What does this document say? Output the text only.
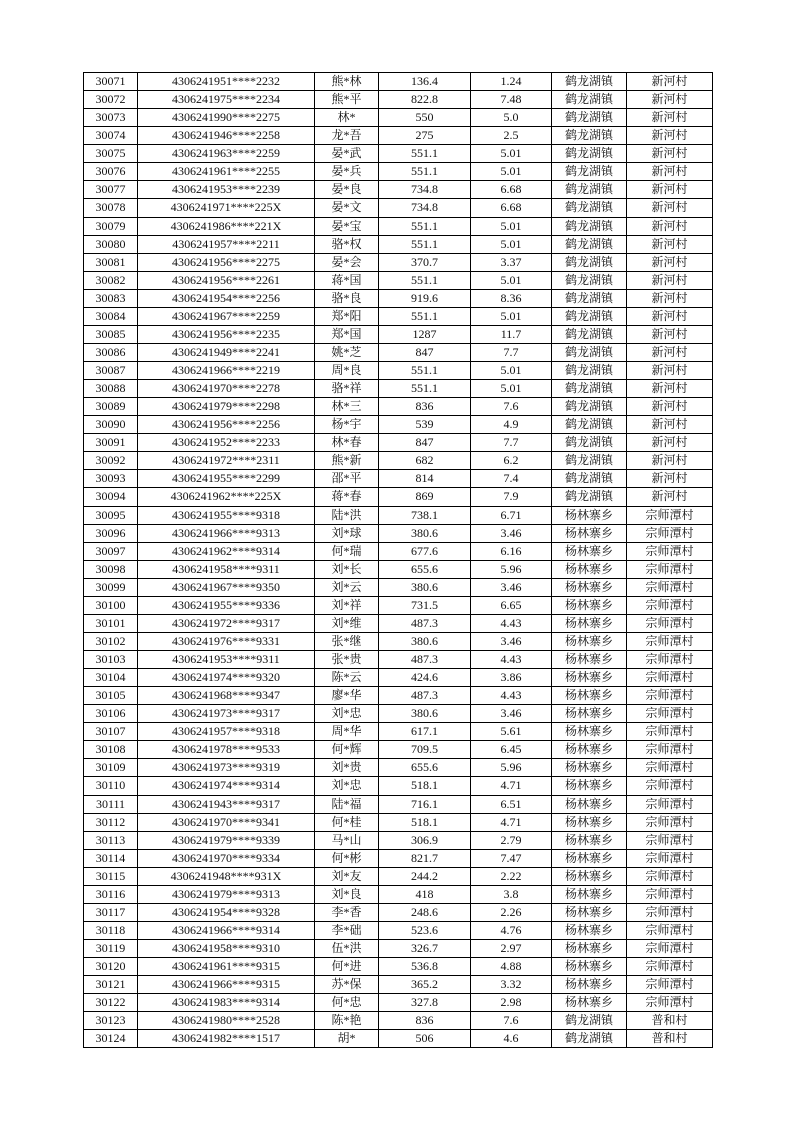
30071	4306241951****2232	熊*林	136.4	1.24	鹤龙湖镇	新河村
30072	4306241975****2234	熊*平	822.8	7.48	鹤龙湖镇	新河村
30073	4306241990****2275	林*	550	5.0	鹤龙湖镇	新河村
30074	4306241946****2258	龙*吾	275	2.5	鹤龙湖镇	新河村
30075	4306241963****2259	晏*武	551.1	5.01	鹤龙湖镇	新河村
30076	4306241961****2255	晏*兵	551.1	5.01	鹤龙湖镇	新河村
30077	4306241953****2239	晏*良	734.8	6.68	鹤龙湖镇	新河村
30078	4306241971****225X	晏*文	734.8	6.68	鹤龙湖镇	新河村
30079	4306241986****221X	晏*宝	551.1	5.01	鹤龙湖镇	新河村
30080	4306241957****2211	骆*权	551.1	5.01	鹤龙湖镇	新河村
30081	4306241956****2275	晏*会	370.7	3.37	鹤龙湖镇	新河村
30082	4306241956****2261	蒋*国	551.1	5.01	鹤龙湖镇	新河村
30083	4306241954****2256	骆*良	919.6	8.36	鹤龙湖镇	新河村
30084	4306241967****2259	郑*阳	551.1	5.01	鹤龙湖镇	新河村
30085	4306241956****2235	郑*国	1287	11.7	鹤龙湖镇	新河村
30086	4306241949****2241	姚*芝	847	7.7	鹤龙湖镇	新河村
30087	4306241966****2219	周*良	551.1	5.01	鹤龙湖镇	新河村
30088	4306241970****2278	骆*祥	551.1	5.01	鹤龙湖镇	新河村
30089	4306241979****2298	林*三	836	7.6	鹤龙湖镇	新河村
30090	4306241956****2256	杨*宇	539	4.9	鹤龙湖镇	新河村
30091	4306241952****2233	林*春	847	7.7	鹤龙湖镇	新河村
30092	4306241972****2311	熊*新	682	6.2	鹤龙湖镇	新河村
30093	4306241955****2299	邵*平	814	7.4	鹤龙湖镇	新河村
30094	4306241962****225X	蒋*春	869	7.9	鹤龙湖镇	新河村
30095	4306241955****9318	陆*洪	738.1	6.71	杨林寨乡	宗师潭村
30096	4306241966****9313	刘*球	380.6	3.46	杨林寨乡	宗师潭村
30097	4306241962****9314	何*瑞	677.6	6.16	杨林寨乡	宗师潭村
30098	4306241958****9311	刘*长	655.6	5.96	杨林寨乡	宗师潭村
30099	4306241967****9350	刘*云	380.6	3.46	杨林寨乡	宗师潭村
30100	4306241955****9336	刘*祥	731.5	6.65	杨林寨乡	宗师潭村
30101	4306241972****9317	刘*维	487.3	4.43	杨林寨乡	宗师潭村
30102	4306241976****9331	张*继	380.6	3.46	杨林寨乡	宗师潭村
30103	4306241953****9311	张*贵	487.3	4.43	杨林寨乡	宗师潭村
30104	4306241974****9320	陈*云	424.6	3.86	杨林寨乡	宗师潭村
30105	4306241968****9347	廖*华	487.3	4.43	杨林寨乡	宗师潭村
30106	4306241973****9317	刘*忠	380.6	3.46	杨林寨乡	宗师潭村
30107	4306241957****9318	周*华	617.1	5.61	杨林寨乡	宗师潭村
30108	4306241978****9533	何*辉	709.5	6.45	杨林寨乡	宗师潭村
30109	4306241973****9319	刘*贵	655.6	5.96	杨林寨乡	宗师潭村
30110	4306241974****9314	刘*忠	518.1	4.71	杨林寨乡	宗师潭村
30111	4306241943****9317	陆*福	716.1	6.51	杨林寨乡	宗师潭村
30112	4306241970****9341	何*桂	518.1	4.71	杨林寨乡	宗师潭村
30113	4306241979****9339	马*山	306.9	2.79	杨林寨乡	宗师潭村
30114	4306241970****9334	何*彬	821.7	7.47	杨林寨乡	宗师潭村
30115	4306241948****931X	刘*友	244.2	2.22	杨林寨乡	宗师潭村
30116	4306241979****9313	刘*良	418	3.8	杨林寨乡	宗师潭村
30117	4306241954****9328	李*香	248.6	2.26	杨林寨乡	宗师潭村
30118	4306241966****9314	李*础	523.6	4.76	杨林寨乡	宗师潭村
30119	4306241958****9310	伍*洪	326.7	2.97	杨林寨乡	宗师潭村
30120	4306241961****9315	何*进	536.8	4.88	杨林寨乡	宗师潭村
30121	4306241966****9315	苏*保	365.2	3.32	杨林寨乡	宗师潭村
30122	4306241983****9314	何*忠	327.8	2.98	杨林寨乡	宗师潭村
30123	4306241980****2528	陈*艳	836	7.6	鹤龙湖镇	普和村
30124	4306241982****1517	胡*	506	4.6	鹤龙湖镇	普和村
